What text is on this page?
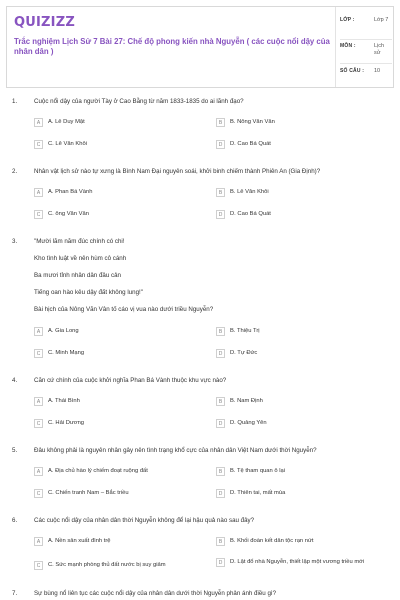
QUIZIZZ
Trắc nghiệm Lịch Sử 7 Bài 27: Chế độ phong kiến nhà Nguyễn ( các cuộc nổi dậy của nhân dân )
LỚP :	Lớp 7
MÔN :	Lịch sử
SỐ CÂU :	10
1.	Cuộc nổi dậy của người Tày ở Cao Bằng từ năm 1833-1835 do ai lãnh đạo?
A	A. Lê Duy Mật	B	B. Nông Văn Vân
C	C. Lê Văn Khôi	D	D. Cao Bá Quát
2.	Nhân vật lịch sử nào tự xưng là Bình Nam Đại nguyên soái, khởi binh chiếm thành Phiên An (Gia Định)?
A	A. Phan Bá Vành	B	B. Lê Văn Khôi
C	C. ông Văn Vân	D	D. Cao Bá Quát
3.	"Mười lăm năm đúc chính có chi!
Kho tình luật về nên hùm cô cánh
Ba mươi tỉnh nhân dân đâu cản
Tiếng oan hào kêu dậy đất không lung!"
Bài hịch của Nông Văn Vân tố cáo vị vua nào dưới triều Nguyễn?
A	A. Gia Long	B	B. Thiệu Trị
C	C. Minh Mạng	D	D. Tự Đức
4.	Căn cứ chính của cuộc khởi nghĩa Phan Bá Vành thuộc khu vực nào?
A	A. Thái Bình	B	B. Nam Định
C	C. Hải Dương	D	D. Quảng Yên
5.	Đâu không phải là nguyên nhân gây nên tình trạng khổ cực của nhân dân Việt Nam dưới thời Nguyễn?
A	A. Địa chủ hào lý chiếm đoạt ruộng đất	B	B. Tệ tham quan ô lại
C	C. Chiến tranh Nam – Bắc triều	D	D. Thiên tai, mất mùa
6.	Các cuộc nổi dậy của nhân dân thời Nguyễn không để lại hậu quả nào sau đây?
A	A. Nền sản xuất đình trệ	B	B. Khối đoàn kết dân tộc rạn nứt
C	C. Sức mạnh phòng thủ đất nước bị suy giảm	D	D. Lật đổ nhà Nguyễn, thiết lập một vương triều mới
7.	Sự bùng nổ liên tục các cuộc nổi dậy của nhân dân dưới thời Nguyễn phản ánh điều gì?
